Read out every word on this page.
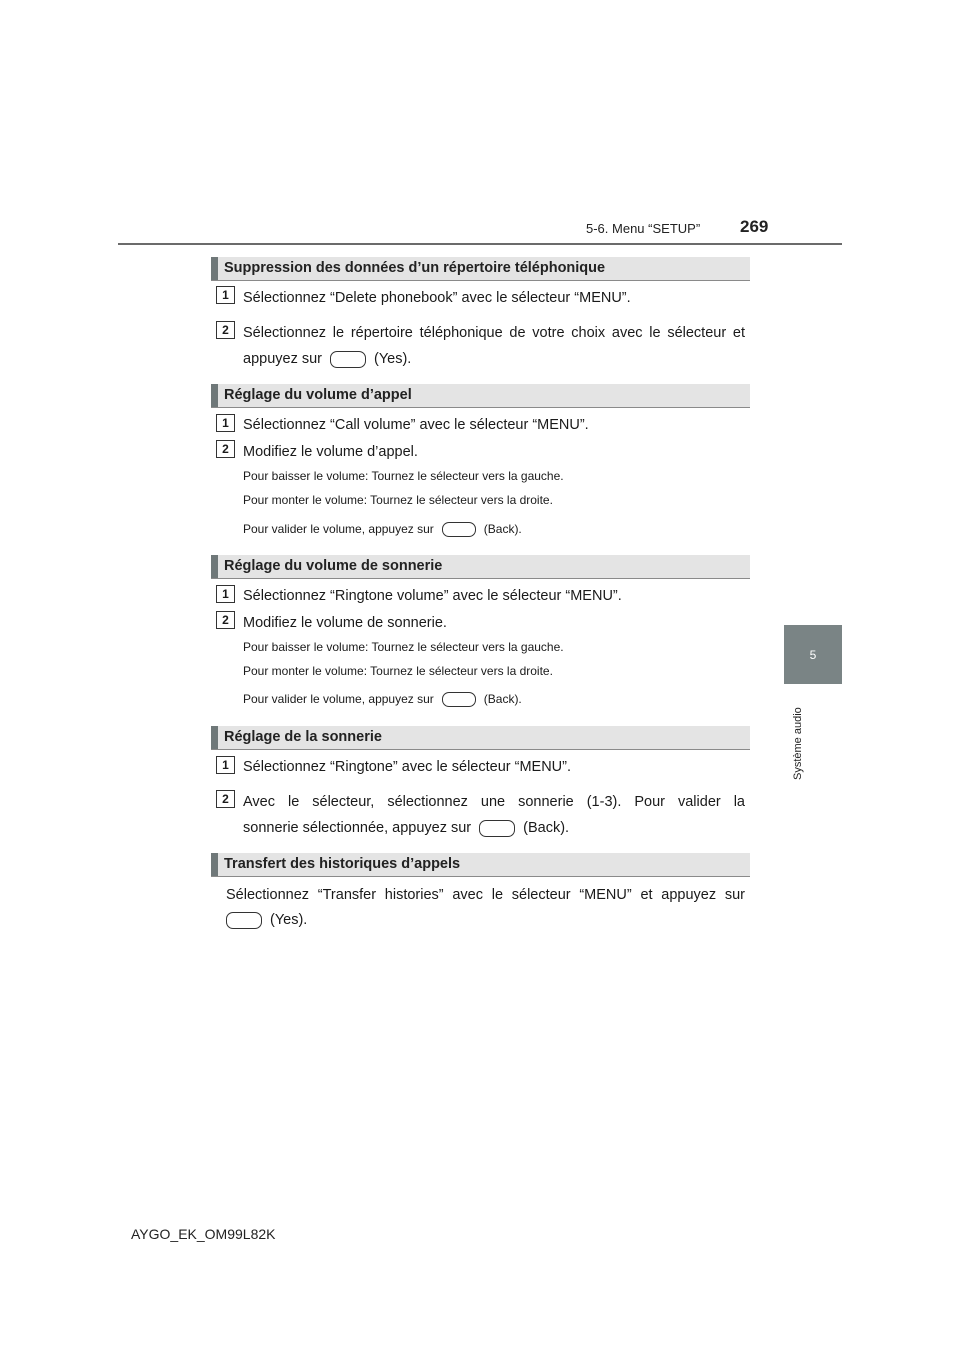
5-6. Menu “SETUP” 269
5
Système audio
Suppression des données d’un répertoire téléphonique
1 Sélectionnez “Delete phonebook” avec le sélecteur “MENU”.
2 Sélectionnez le répertoire téléphonique de votre choix avec le sélecteur et
appuyez sur	(Yes).
Réglage du volume d’appel
1 Sélectionnez “Call volume” avec le sélecteur “MENU”.
2 Modifiez le volume d’appel.
Pour baisser le volume: Tournez le sélecteur vers la gauche.
Pour monter le volume: Tournez le sélecteur vers la droite.
Pour valider le volume, appuyez sur	(Back).
Réglage du volume de sonnerie
1 Sélectionnez “Ringtone volume” avec le sélecteur “MENU”.
2 Modifiez le volume de sonnerie.
Pour baisser le volume: Tournez le sélecteur vers la gauche.
Pour monter le volume: Tournez le sélecteur vers la droite.
Pour valider le volume, appuyez sur	(Back).
Réglage de la sonnerie
1 Sélectionnez “Ringtone” avec le sélecteur “MENU”.
2 Avec le sélecteur, sélectionnez une sonnerie (1-3). Pour valider la
sonnerie sélectionnée, appuyez sur	(Back).
Transfert des historiques d’appels
Sélectionnez “Transfer histories” avec le sélecteur “MENU” et appuyez sur
(Yes).
AYGO_EK_OM99L82K
